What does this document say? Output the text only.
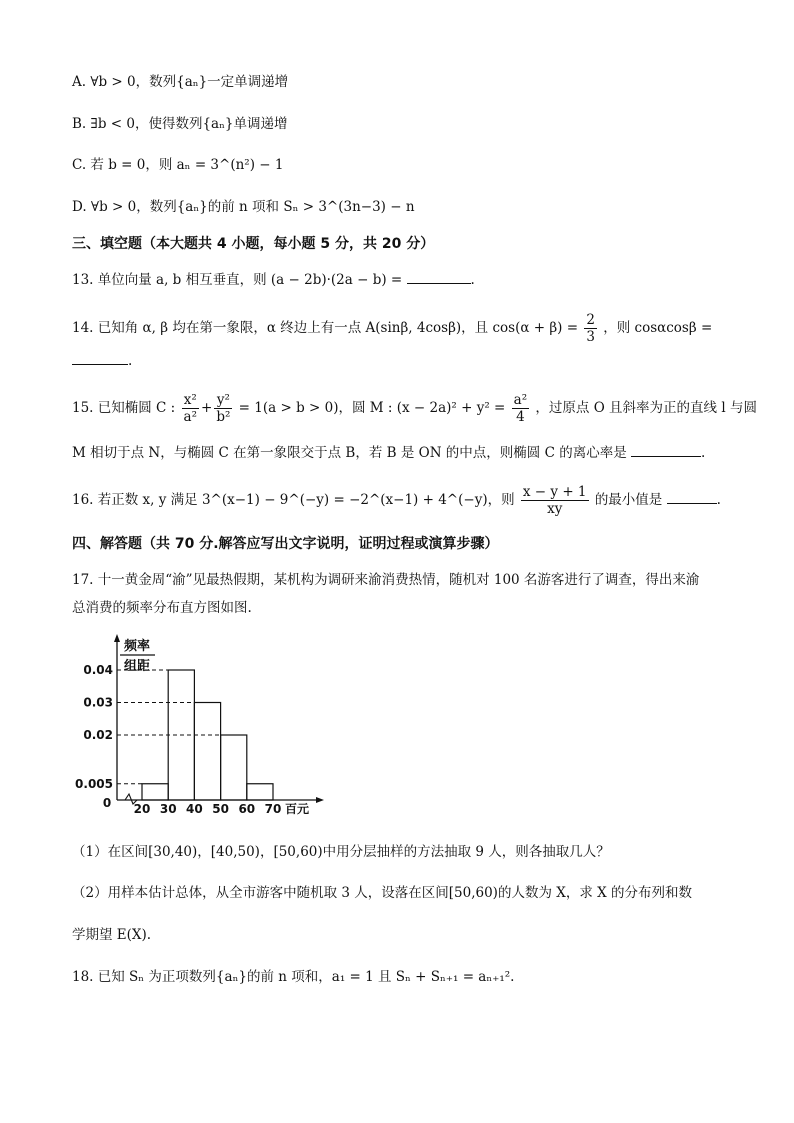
A. ∀b > 0，数列{aₙ}一定单调递增
B. ∃b < 0，使得数列{aₙ}单调递增
C. 若 b = 0，则 aₙ = 3^(n²) − 1
D. ∀b > 0，数列{aₙ}的前 n 项和 Sₙ > 3^(3n−3) − n
三、填空题（本大题共 4 小题，每小题 5 分，共 20 分）
13. 单位向量 a, b 相互垂直，则 (a − 2b)·(2a − b) =	.
14. 已知角 α, β 均在第一象限，α 终边上有一点 A(sinβ, 4cosβ)，且 $\cos(\alpha + \beta) = \frac{2}{3}$ ，则 cosαcosβ =
.
15. 已知椭圆 C : $\frac{\text{x²}}{\text{a²}} + \frac{\text{y²}}{\text{b²}} = 1(a > b > 0)$，圆 M : $(x - 2a)^2 + y^2 = \frac{\text{a²}}{4}$ ，过原点 O 且斜率为正的直线 l 与圆
M 相切于点 N，与椭圆 C 在第一象限交于点 B，若 B 是 ON 的中点，则椭圆 C 的离心率是	.
16. 若正数 x, y 满足 3^(x−1) − 9^(−y) = −2^(x−1) + 4^(−y)，则 $\frac{x - y + 1}{xy}$ 的最小值是	.
四、解答题（共 70 分.解答应写出文字说明，证明过程或演算步骤）
17. 十一黄金周“渝”见最热假期，某机构为调研来渝消费热情，随机对 100 名游客进行了调查，得出来渝
总消费的频率分布直方图如图.
0.04
0.03
0.02
0.005
20 30 40 50 60 70
0	百元
频率
组距
（1）在区间[30,40)，[40,50)，[50,60)中用分层抽样的方法抽取 9 人，则各抽取几人？
（2）用样本估计总体，从全市游客中随机取 3 人，设落在区间[50,60)的人数为 X，求 X 的分布列和数
学期望 E(X).
18. 已知 Sₙ 为正项数列{aₙ}的前 n 项和，a₁ = 1 且 Sₙ + Sₙ₊₁ = aₙ₊₁².
